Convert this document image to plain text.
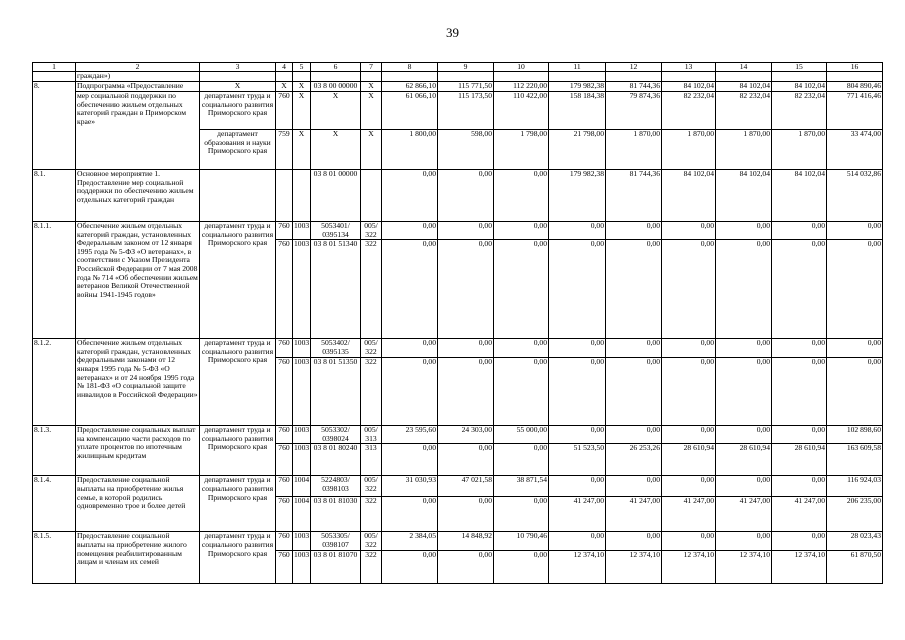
39
1	2	3	4	5	6	7	8	9	10	11	12	13	14	15	16
	граждан»)														
8.	Подпрограмма «Предоставление	X	X	X	03 8 00 00000	X	62 866,10	115 771,50	112 220,00	179 982,38	81 744,36	84 102,04	84 102,04	84 102,04	804 890,46
	мер социальной поддержки по обеспечению жильем отдельных категорий граждан в Приморском крае»	департамент труда и социального развития Приморского края	760	X	X	X	61 066,10	115 173,50	110 422,00	158 184,38	79 874,36	82 232,04	82 232,04	82 232,04	771 416,46
		департамент образования и науки Приморского края	759	X	X	X	1 800,00	598,00	1 798,00	21 798,00	1 870,00	1 870,00	1 870,00	1 870,00	33 474,00
8.1.	Основное мероприятие 1. Предоставление мер социальной поддержки по обеспечению жильем отдельных категорий граждан				03 8 01 00000		0,00	0,00	0,00	179 982,38	81 744,36	84 102,04	84 102,04	84 102,04	514 032,86
8.1.1.	Обеспечение жильем отдельных категорий граждан, установленных Федеральным законом от 12 января 1995 года № 5-ФЗ «О ветеранах», в соответствии с Указом Президента Российской Федерации от 7 мая 2008 года № 714 «Об обеспечении жильем ветеранов Великой Отечественной войны 1941-1945 годов»	департамент труда и социального развития Приморского края	760	1003	5053401/ 0395134	005/ 322	0,00	0,00	0,00	0,00	0,00	0,00	0,00	0,00	0,00
			760	1003	03 8 01 51340	322	0,00	0,00	0,00	0,00	0,00	0,00	0,00	0,00	0,00
8.1.2.	Обеспечение жильем отдельных категорий граждан, установленных федеральными законами от 12 января 1995 года № 5-ФЗ «О ветеранах» и от 24 ноября 1995 года № 181-ФЗ «О социальной защите инвалидов в Российской Федерации»	департамент труда и социального развития Приморского края	760	1003	5053402/ 0395135	005/ 322	0,00	0,00	0,00	0,00	0,00	0,00	0,00	0,00	0,00
			760	1003	03 8 01 51350	322	0,00	0,00	0,00	0,00	0,00	0,00	0,00	0,00	0,00
8.1.3.	Предоставление социальных выплат на компенсацию части расходов по уплате процентов по ипотечным жилищным кредитам	департамент труда и социального развития Приморского края	760	1003	5053302/ 0398024	005/ 313	23 595,60	24 303,00	55 000,00	0,00	0,00	0,00	0,00	0,00	102 898,60
			760	1003	03 8 01 80240	313	0,00	0,00	0,00	51 523,50	26 253,26	28 610,94	28 610,94	28 610,94	163 609,58
8.1.4.	Предоставление социальной выплаты на приобретение жилья семье, в которой родились одновременно трое и более детей	департамент труда и социального развития Приморского края	760	1004	5224803/ 0398103	005/ 322	31 030,93	47 021,58	38 871,54	0,00	0,00	0,00	0,00	0,00	116 924,03
			760	1004	03 8 01 81030	322	0,00	0,00	0,00	41 247,00	41 247,00	41 247,00	41 247,00	41 247,00	206 235,00
8.1.5.	Предоставление социальной выплаты на приобретение жилого помещения реабилитированным лицам и членам их семей	департамент труда и социального развития Приморского края	760	1003	5053305/ 0398107	005/ 322	2 384,05	14 848,92	10 790,46	0,00	0,00	0,00	0,00	0,00	28 023,43
			760	1003	03 8 01 81070	322	0,00	0,00	0,00	12 374,10	12 374,10	12 374,10	12 374,10	12 374,10	61 870,50
